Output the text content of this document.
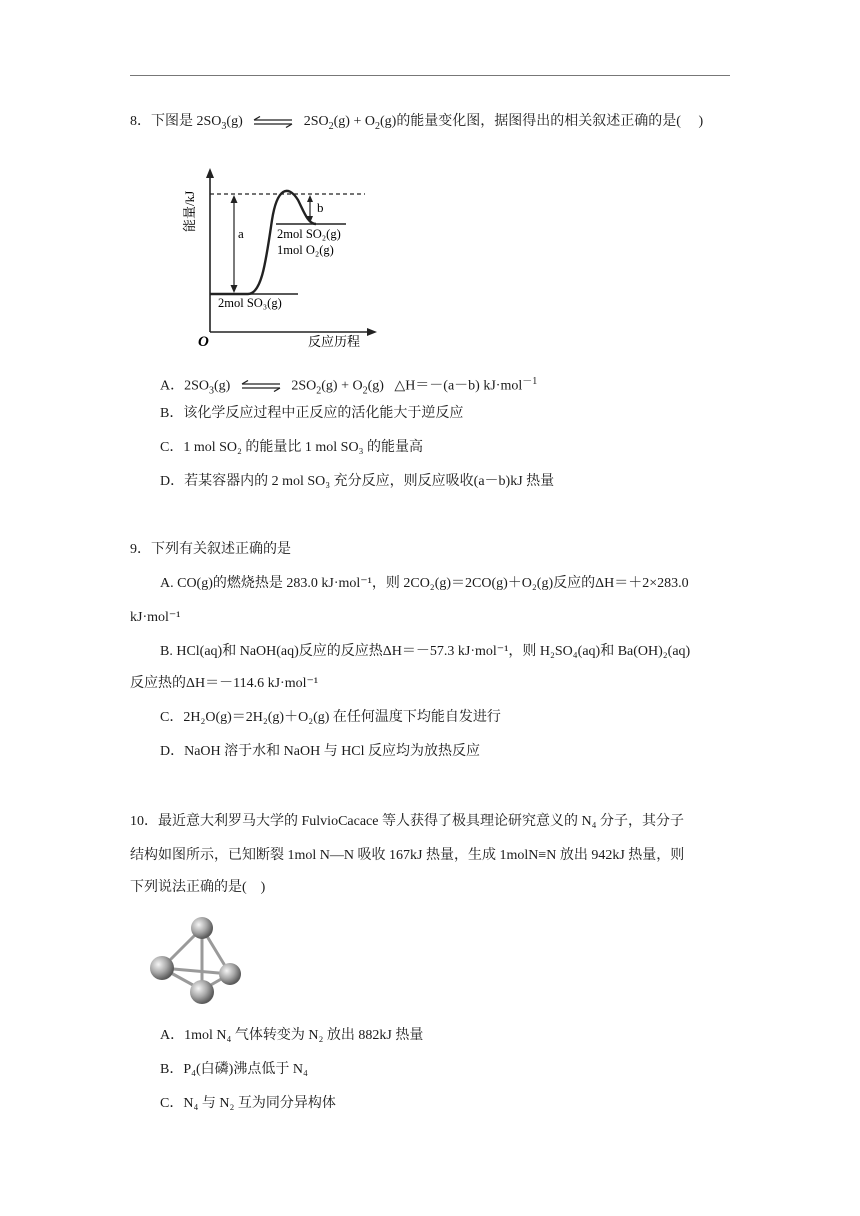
8．下图是 $2SO_3(g)$ ⇌ $2SO_2(g) + O_2(g)$的能量变化图，据图得出的相关叙述正确的是(　 )
a
b
2mol SO₂(g)
1mol O₂(g)
2mol SO₃(g)
O	反应历程
能量/kJ
A．$2SO_3(g)$ ⇌ $2SO_2(g) + O_2(g)$   △H＝－(a－b) kJ·mol$^{-1}$
B．该化学反应过程中正反应的活化能大于逆反应
C．1 mol SO₂ 的能量比 1 mol SO₃ 的能量高
D．若某容器内的 2 mol SO₃ 充分反应，则反应吸收(a－b)kJ 热量
9．下列有关叙述正确的是
A. CO(g)的燃烧热是 283.0 kJ·mol⁻¹，则 2CO₂(g)＝2CO(g)＋O₂(g)反应的ΔH＝＋2×283.0
kJ·mol⁻¹
B. HCl(aq)和 NaOH(aq)反应的反应热ΔH＝－57.3 kJ·mol⁻¹，则 H₂SO₄(aq)和 Ba(OH)₂(aq)
反应热的ΔH＝－114.6 kJ·mol⁻¹
C．2H₂O(g)＝2H₂(g)＋O₂(g) 在任何温度下均能自发进行
D．NaOH 溶于水和 NaOH 与 HCl 反应均为放热反应
10．最近意大利罗马大学的 FulvioCacace 等人获得了极具理论研究意义的 N₄ 分子，其分子
结构如图所示，已知断裂 1mol N—N 吸收 167kJ 热量，生成 1molN≡N 放出 942kJ 热量，则
下列说法正确的是(　)
A．1mol N₄ 气体转变为 N₂ 放出 882kJ 热量
B．P₄(白磷)沸点低于 N₄
C．N₄ 与 N₂ 互为同分异构体
